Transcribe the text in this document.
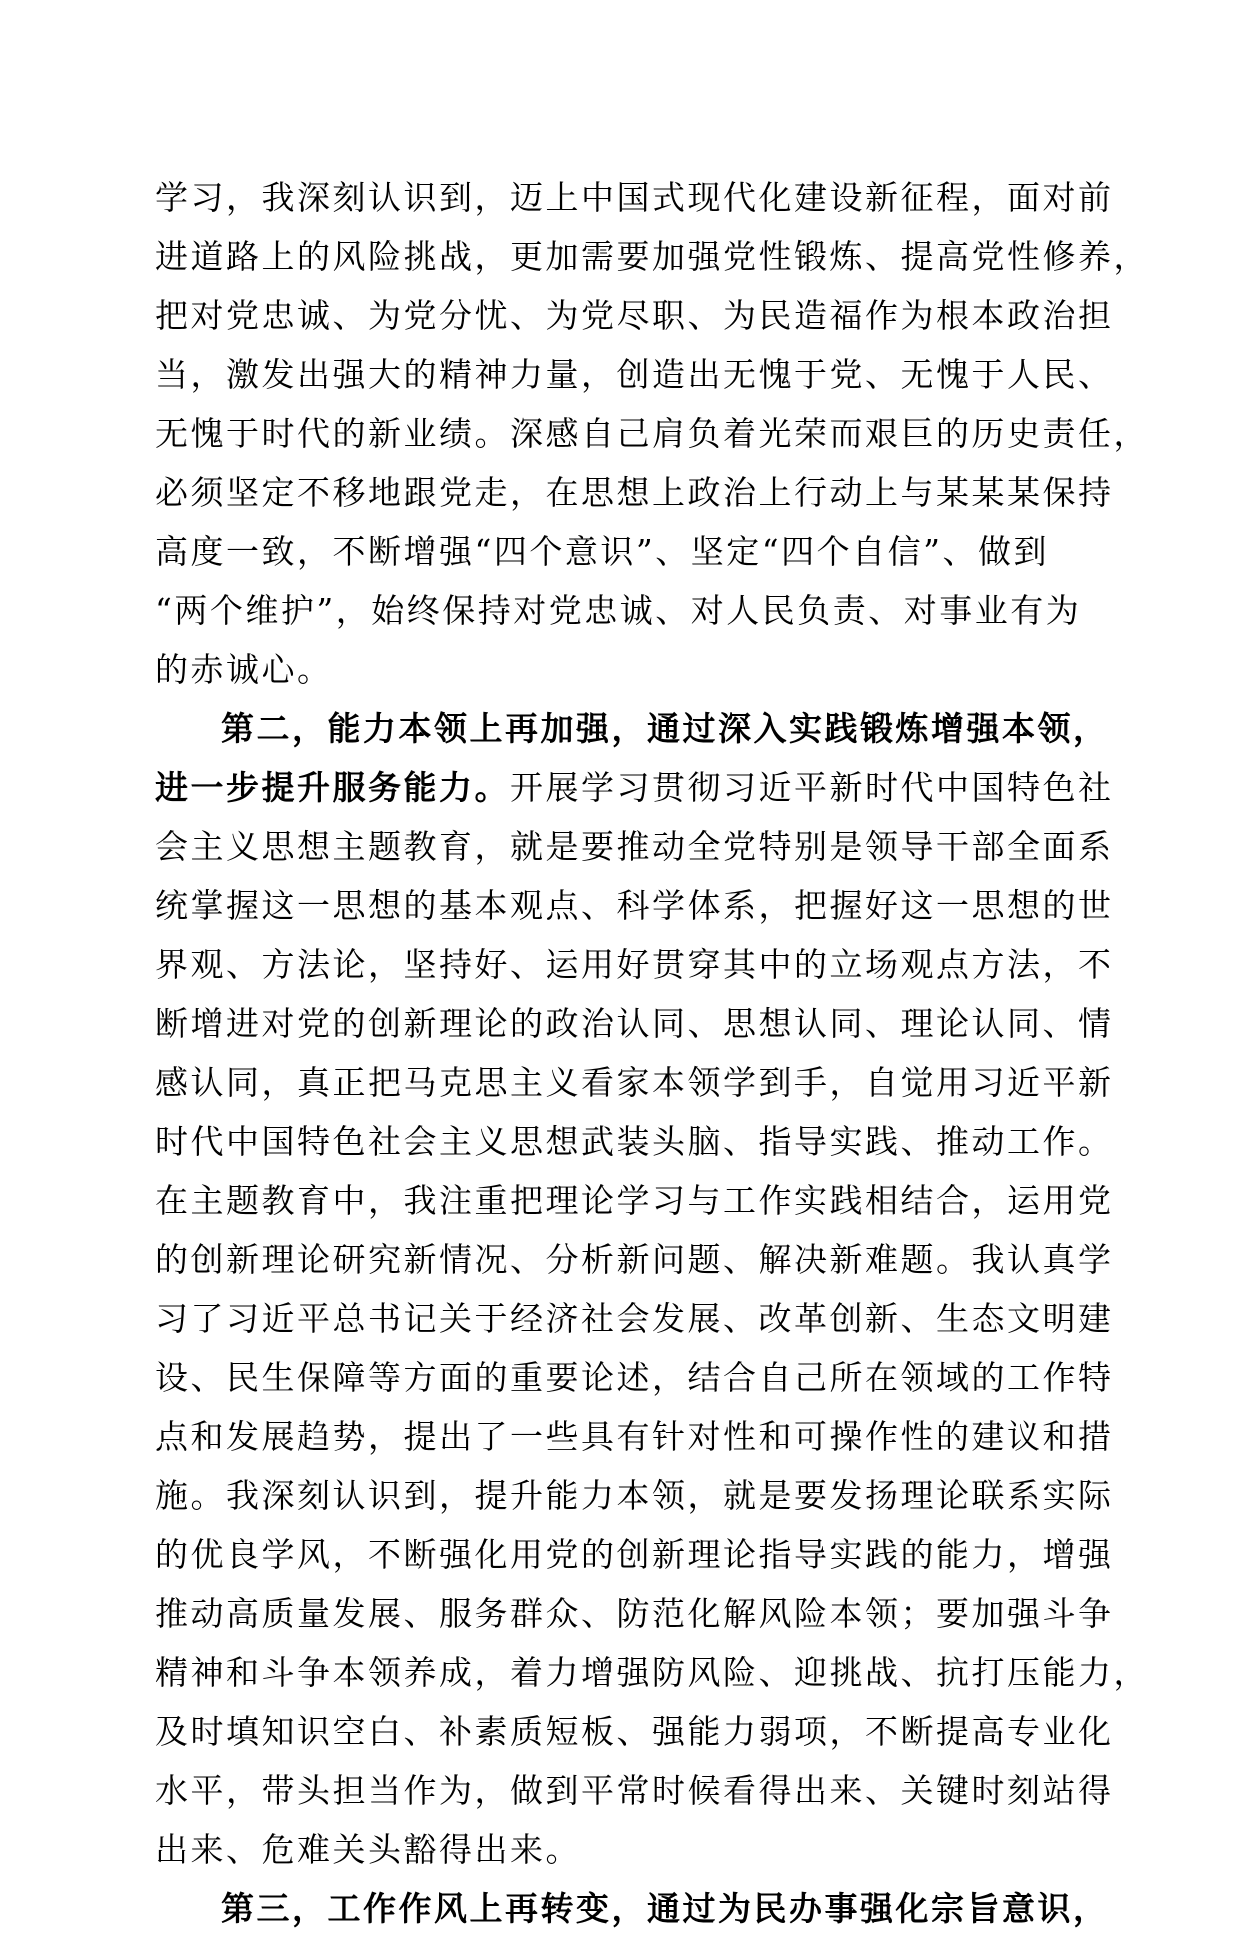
学习，我深刻认识到，迈上中国式现代化建设新征程，面对前
进道路上的风险挑战，更加需要加强党性锻炼、提高党性修养，
把对党忠诚、为党分忧、为党尽职、为民造福作为根本政治担
当，激发出强大的精神力量，创造出无愧于党、无愧于人民、
无愧于时代的新业绩。深感自己肩负着光荣而艰巨的历史责任，
必须坚定不移地跟党走，在思想上政治上行动上与某某某保持
高度一致，不断增强“四个意识”、坚定“四个自信”、做到
“两个维护”，始终保持对党忠诚、对人民负责、对事业有为
的赤诚心。
第二，能力本领上再加强，通过深入实践锻炼增强本领，
进一步提升服务能力。开展学习贯彻习近平新时代中国特色社
会主义思想主题教育，就是要推动全党特别是领导干部全面系
统掌握这一思想的基本观点、科学体系，把握好这一思想的世
界观、方法论，坚持好、运用好贯穿其中的立场观点方法，不
断增进对党的创新理论的政治认同、思想认同、理论认同、情
感认同，真正把马克思主义看家本领学到手，自觉用习近平新
时代中国特色社会主义思想武装头脑、指导实践、推动工作。
在主题教育中，我注重把理论学习与工作实践相结合，运用党
的创新理论研究新情况、分析新问题、解决新难题。我认真学
习了习近平总书记关于经济社会发展、改革创新、生态文明建
设、民生保障等方面的重要论述，结合自己所在领域的工作特
点和发展趋势，提出了一些具有针对性和可操作性的建议和措
施。我深刻认识到，提升能力本领，就是要发扬理论联系实际
的优良学风，不断强化用党的创新理论指导实践的能力，增强
推动高质量发展、服务群众、防范化解风险本领；要加强斗争
精神和斗争本领养成，着力增强防风险、迎挑战、抗打压能力，
及时填知识空白、补素质短板、强能力弱项，不断提高专业化
水平，带头担当作为，做到平常时候看得出来、关键时刻站得
出来、危难关头豁得出来。
第三，工作作风上再转变，通过为民办事强化宗旨意识，
